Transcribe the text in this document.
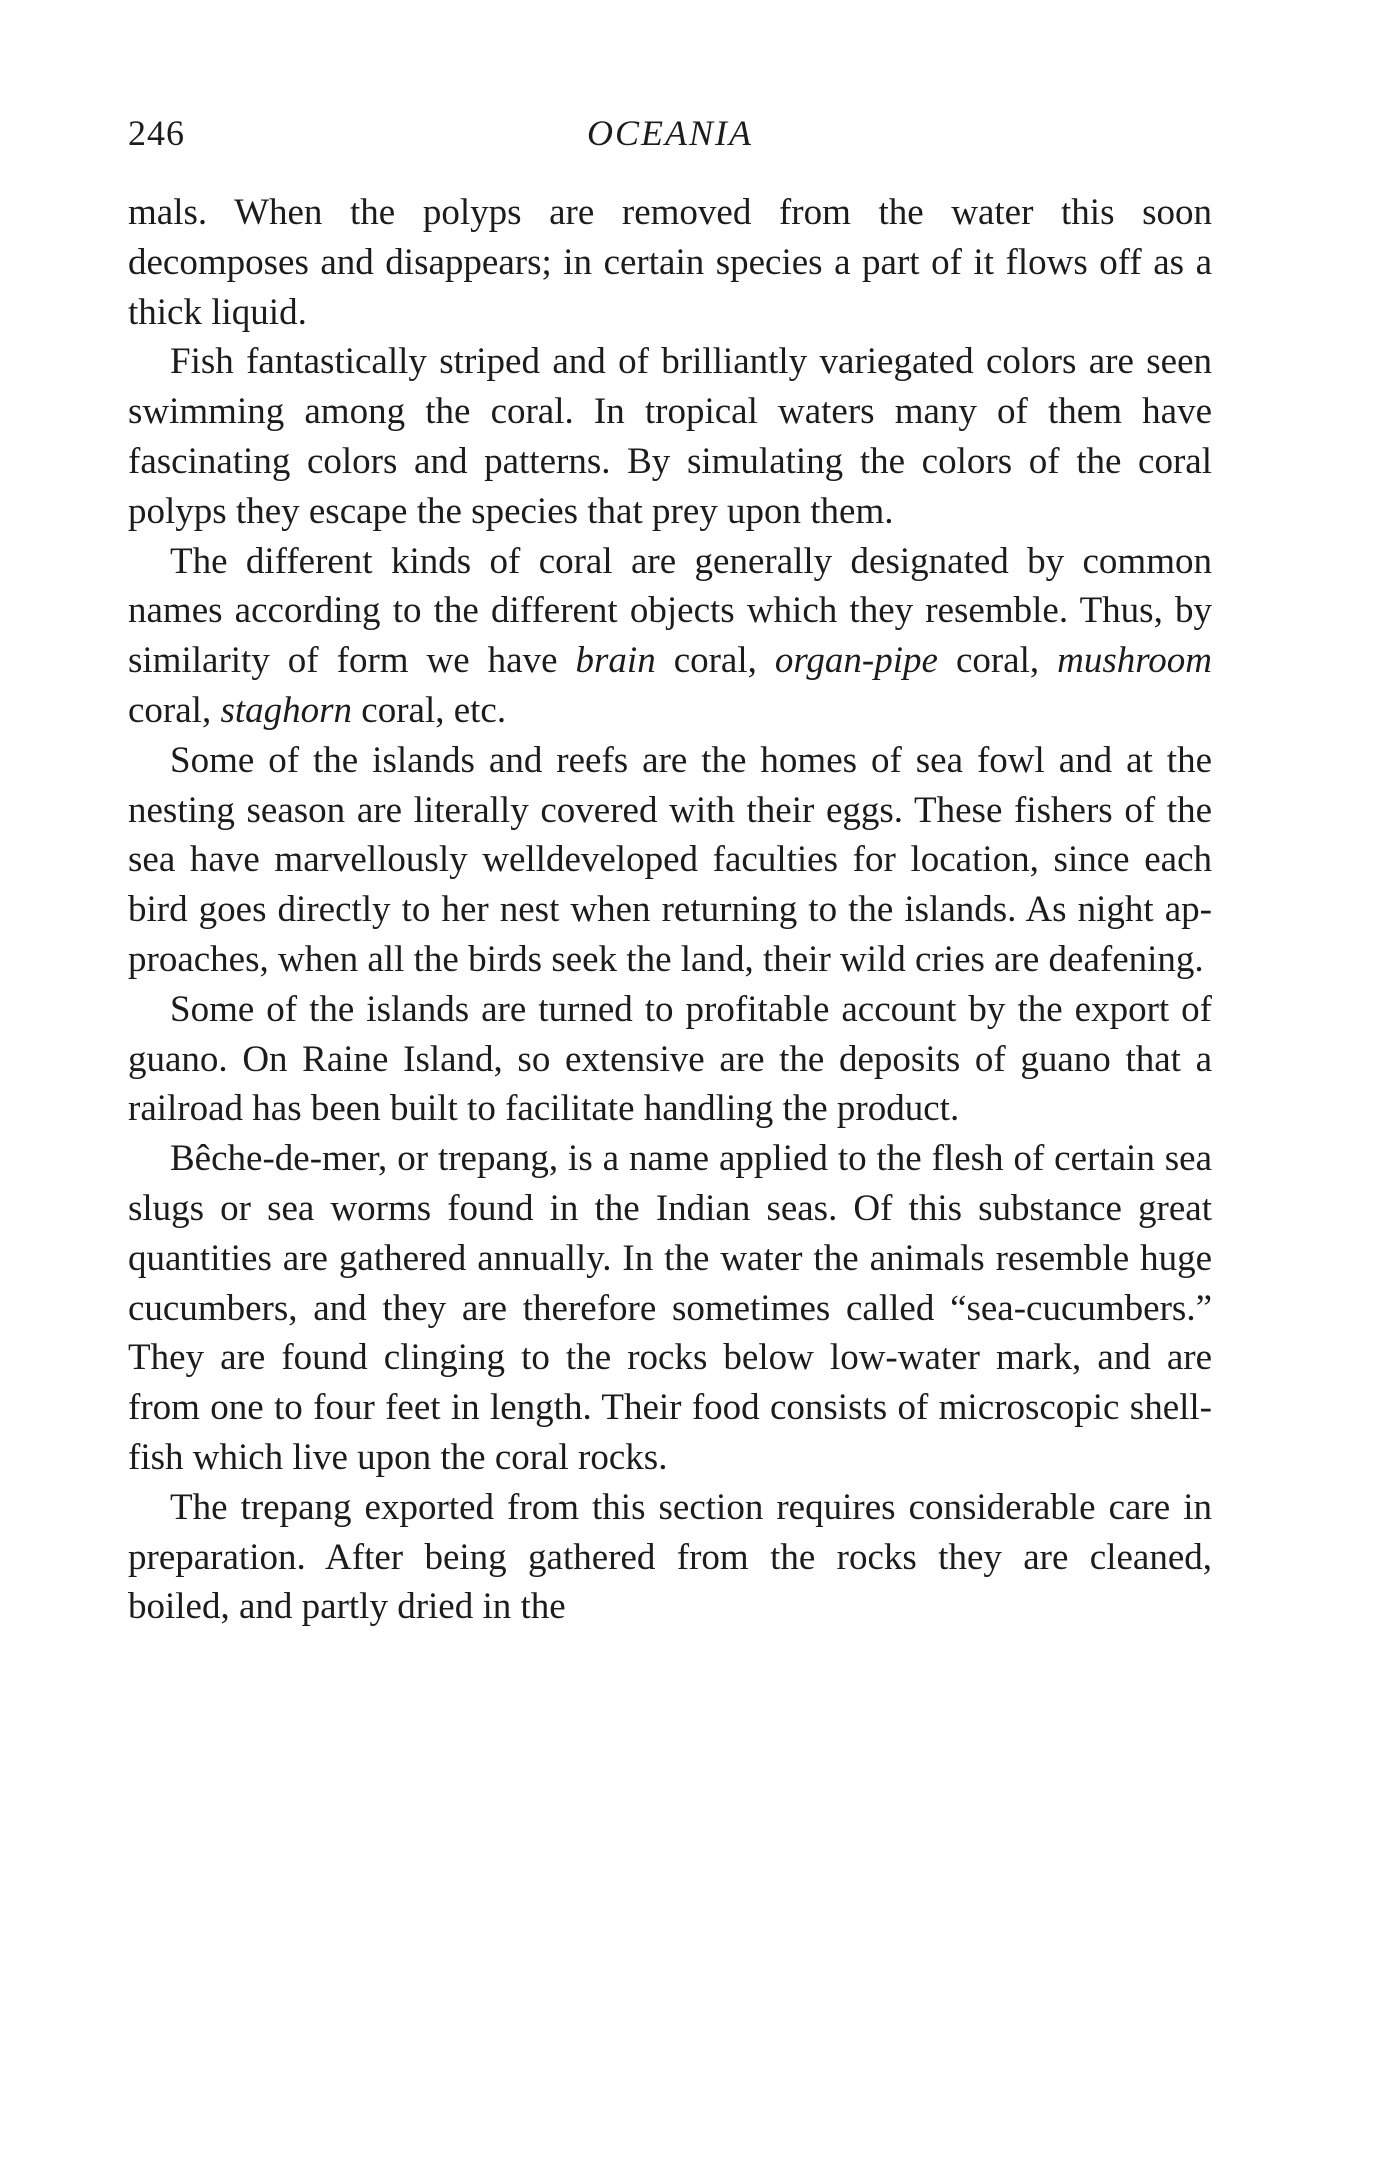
246	OCEANIA

mals. When the polyps are removed from the water this soon decomposes and disappears; in certain species a part of it flows off as a thick liquid.

Fish fantastically striped and of brilliantly variegated colors are seen swimming among the coral. In tropical waters many of them have fascinating colors and patterns. By simulating the colors of the coral polyps they escape the species that prey upon them.

The different kinds of coral are generally designated by common names according to the different objects which they resemble. Thus, by similarity of form we have brain coral, organ-pipe coral, mushroom coral, staghorn coral, etc.

Some of the islands and reefs are the homes of sea fowl and at the nesting season are literally covered with their eggs. These fishers of the sea have marvellously welldeveloped faculties for location, since each bird goes directly to her nest when returning to the islands. As night approaches, when all the birds seek the land, their wild cries are deafening.

Some of the islands are turned to profitable account by the export of guano. On Raine Island, so extensive are the deposits of guano that a railroad has been built to facilitate handling the product.

Bêche-de-mer, or trepang, is a name applied to the flesh of certain sea slugs or sea worms found in the Indian seas. Of this substance great quantities are gathered annually. In the water the animals resemble huge cucumbers, and they are therefore sometimes called “sea-cucumbers.” They are found clinging to the rocks below low-water mark, and are from one to four feet in length. Their food consists of microscopic shell-fish which live upon the coral rocks.

The trepang exported from this section requires considerable care in preparation. After being gathered from the rocks they are cleaned, boiled, and partly dried in the
